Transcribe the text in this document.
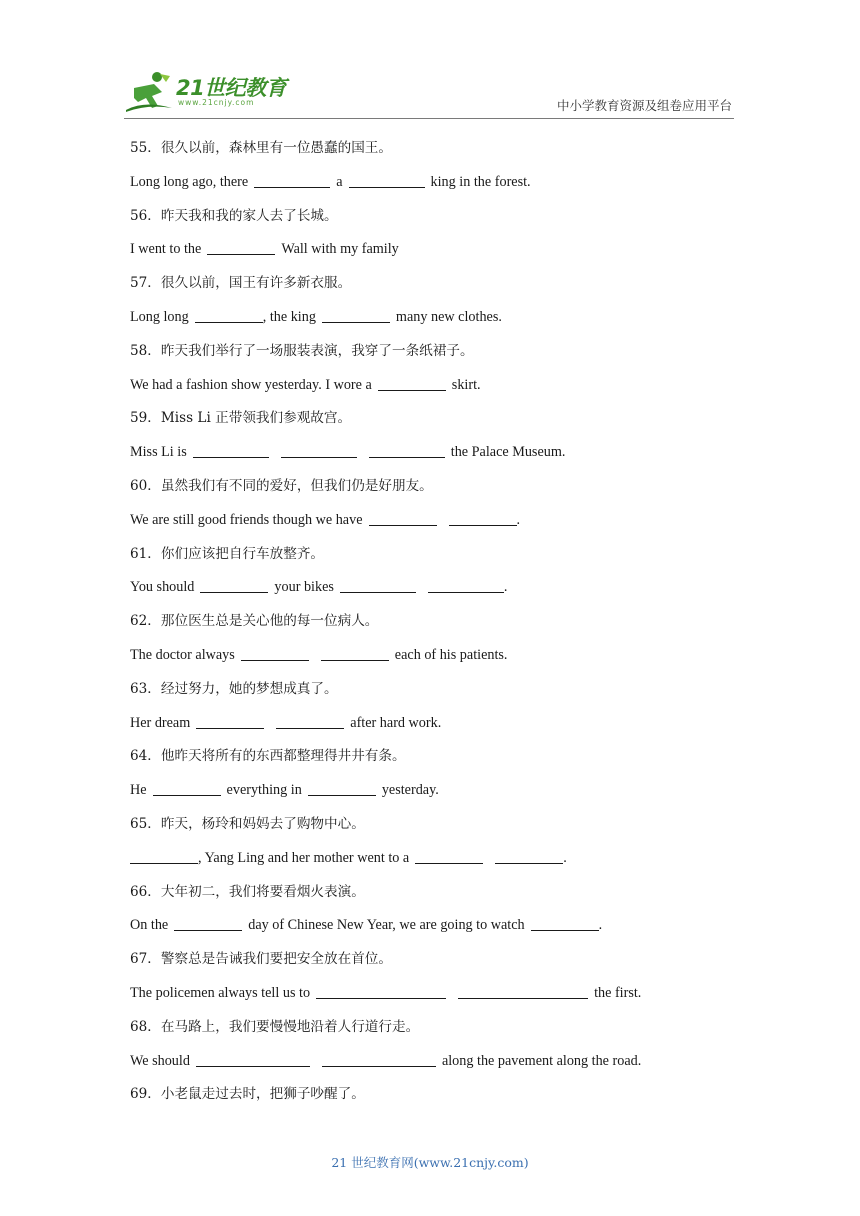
21世纪教育
www.21cnjy.com	中小学教育资源及组卷应用平台
55．很久以前，森林里有一位愚蠢的国王。
Long long ago, there	a	king in the forest.
56．昨天我和我的家人去了长城。
I went to the	Wall with my family
57．很久以前，国王有许多新衣服。
Long long	, the king	many new clothes.
58．昨天我们举行了一场服装表演，我穿了一条纸裙子。
We had a fashion show yesterday. I wore a	skirt.
59．Miss Li 正带领我们参观故宫。
Miss Li is	the Palace Museum.
60．虽然我们有不同的爱好，但我们仍是好朋友。
We are still good friends though we have	.
61．你们应该把自行车放整齐。
You should	your bikes	.
62．那位医生总是关心他的每一位病人。
The doctor always	each of his patients.
63．经过努力，她的梦想成真了。
Her dream	after hard work.
64．他昨天将所有的东西都整理得井井有条。
He	everything in	yesterday.
65．昨天，杨玲和妈妈去了购物中心。
, Yang Ling and her mother went to a	.
66．大年初二，我们将要看烟火表演。
On the	day of Chinese New Year, we are going to watch	.
67．警察总是告诫我们要把安全放在首位。
The policemen always tell us to	the first.
68．在马路上，我们要慢慢地沿着人行道行走。
We should	along the pavement along the road.
69．小老鼠走过去时，把狮子吵醒了。
21 世纪教育网(www.21cnjy.com)
